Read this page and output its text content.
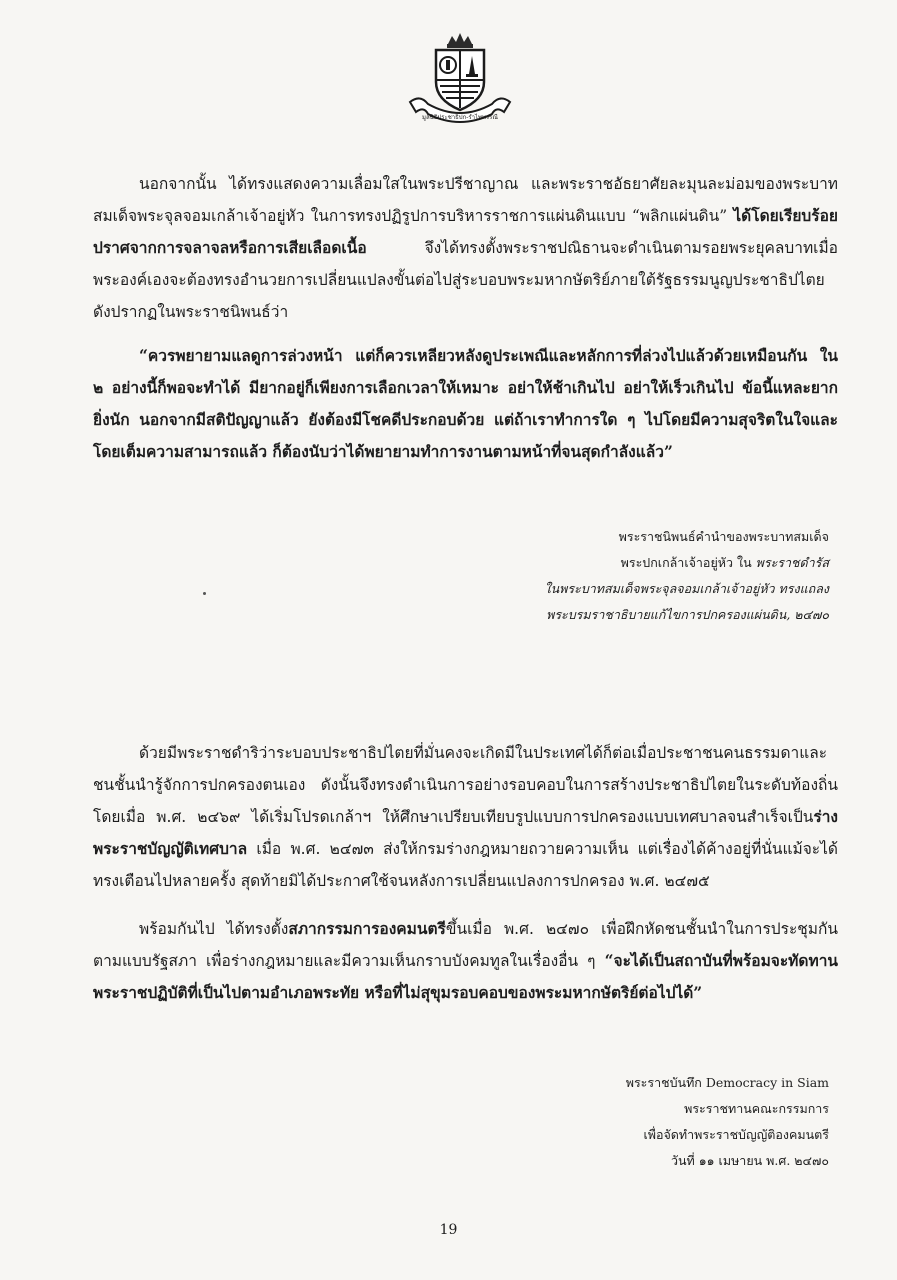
มูลนิธิประชาธิปก-รำไพพรรณี

นอกจากนั้น ได้ทรงแสดงความเลื่อมใสในพระปรีชาญาณ และพระราชอัธยาศัยละมุนละม่อมของพระบาทสมเด็จพระจุลจอมเกล้าเจ้าอยู่หัว ในการทรงปฏิรูปการบริหารราชการแผ่นดินแบบ “พลิกแผ่นดิน” ได้โดยเรียบร้อยปราศจากการจลาจลหรือการเสียเลือดเนื้อ จึงได้ทรงตั้งพระราชปณิธานจะดำเนินตามรอยพระยุคลบาทเมื่อพระองค์เองจะต้องทรงอำนวยการเปลี่ยนแปลงขั้นต่อไปสู่ระบอบพระมหากษัตริย์ภายใต้รัฐธรรมนูญประชาธิปไตย ดังปรากฏในพระราชนิพนธ์ว่า

“ควรพยายามแลดูการล่วงหน้า แต่ก็ควรเหลียวหลังดูประเพณีและหลักการที่ล่วงไปแล้วด้วยเหมือนกัน ใน ๒ อย่างนี้ก็พอจะทำได้ มียากอยู่ก็เพียงการเลือกเวลาให้เหมาะ อย่าให้ช้าเกินไป อย่าให้เร็วเกินไป ข้อนี้แหละยากยิ่งนัก นอกจากมีสติปัญญาแล้ว ยังต้องมีโชคดีประกอบด้วย แต่ถ้าเราทำการใด ๆ ไปโดยมีความสุจริตในใจและโดยเต็มความสามารถแล้ว ก็ต้องนับว่าได้พยายามทำการงานตามหน้าที่จนสุดกำลังแล้ว”

พระราชนิพนธ์คำนำของพระบาทสมเด็จ
พระปกเกล้าเจ้าอยู่หัว ใน พระราชดำรัส
ในพระบาทสมเด็จพระจุลจอมเกล้าเจ้าอยู่หัว ทรงแถลง
พระบรมราชาธิบายแก้ไขการปกครองแผ่นดิน, ๒๔๗๐

ด้วยมีพระราชดำริว่าระบอบประชาธิปไตยที่มั่นคงจะเกิดมีในประเทศได้ก็ต่อเมื่อประชาชนคนธรรมดาและชนชั้นนำรู้จักการปกครองตนเอง ดังนั้นจึงทรงดำเนินการอย่างรอบคอบในการสร้างประชาธิปไตยในระดับท้องถิ่น โดยเมื่อ พ.ศ. ๒๔๖๙ ได้เริ่มโปรดเกล้าฯ ให้ศึกษาเปรียบเทียบรูปแบบการปกครองแบบเทศบาลจนสำเร็จเป็นร่างพระราชบัญญัติเทศบาล เมื่อ พ.ศ. ๒๔๗๓ ส่งให้กรมร่างกฎหมายถวายความเห็น แต่เรื่องได้ค้างอยู่ที่นั่นแม้จะได้ทรงเตือนไปหลายครั้ง สุดท้ายมิได้ประกาศใช้จนหลังการเปลี่ยนแปลงการปกครอง พ.ศ. ๒๔๗๕

พร้อมกันไป ได้ทรงตั้งสภากรรมการองคมนตรีขึ้นเมื่อ พ.ศ. ๒๔๗๐ เพื่อฝึกหัดชนชั้นนำในการประชุมกันตามแบบรัฐสภา เพื่อร่างกฎหมายและมีความเห็นกราบบังคมทูลในเรื่องอื่น ๆ “จะได้เป็นสถาบันที่พร้อมจะทัดทานพระราชปฏิบัติที่เป็นไปตามอำเภอพระทัย หรือที่ไม่สุขุมรอบคอบของพระมหากษัตริย์ต่อไปได้”

พระราชบันทึก Democracy in Siam
พระราชทานคณะกรรมการ
เพื่อจัดทำพระราชบัญญัติองคมนตรี
วันที่ ๑๑ เมษายน พ.ศ. ๒๔๗๐

19
